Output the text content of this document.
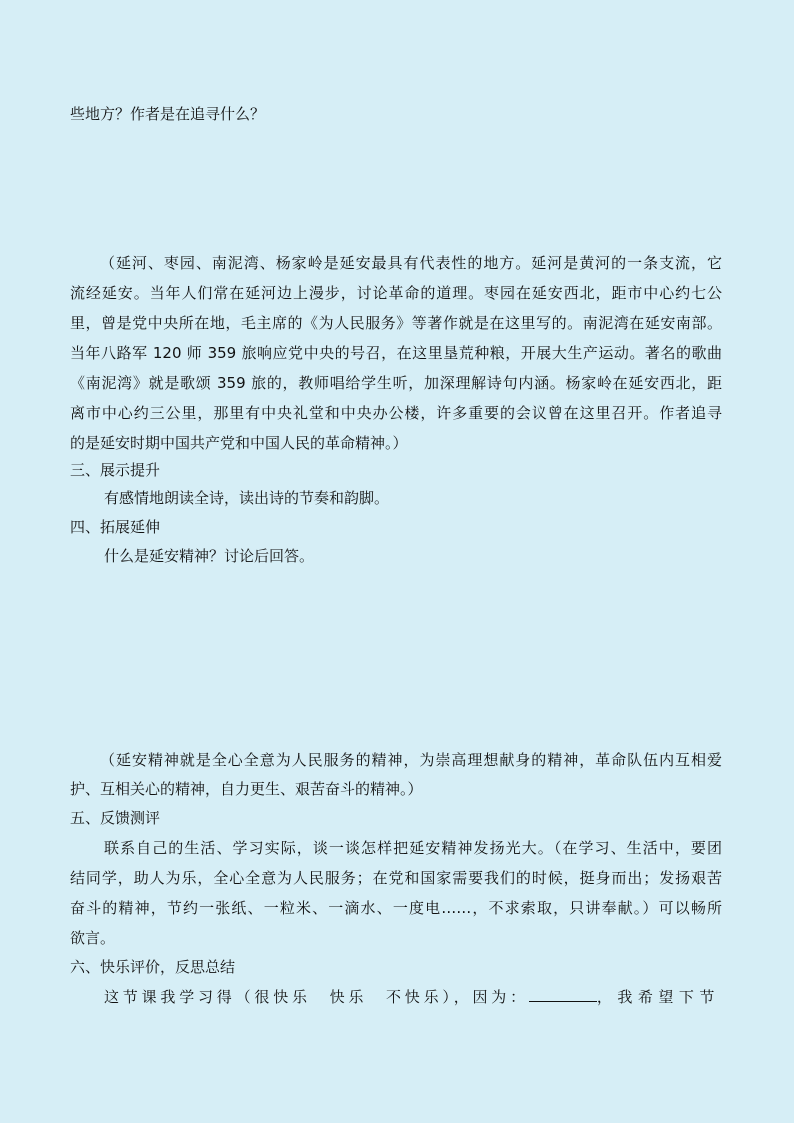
些地方？作者是在追寻什么？
（延河、枣园、南泥湾、杨家岭是延安最具有代表性的地方。延河是黄河的一条支流，它
流经延安。当年人们常在延河边上漫步，讨论革命的道理。枣园在延安西北，距市中心约七公
里，曾是党中央所在地，毛主席的《为人民服务》等著作就是在这里写的。南泥湾在延安南部。
当年八路军 120 师 359 旅响应党中央的号召，在这里垦荒种粮，开展大生产运动。著名的歌曲
《南泥湾》就是歌颂 359 旅的，教师唱给学生听，加深理解诗句内涵。杨家岭在延安西北，距
离市中心约三公里，那里有中央礼堂和中央办公楼，许多重要的会议曾在这里召开。作者追寻
的是延安时期中国共产党和中国人民的革命精神。）
三、展示提升
有感情地朗读全诗，读出诗的节奏和韵脚。
四、拓展延伸
什么是延安精神？讨论后回答。
（延安精神就是全心全意为人民服务的精神，为崇高理想献身的精神，革命队伍内互相爱
护、互相关心的精神，自力更生、艰苦奋斗的精神。）
五、反馈测评
联系自己的生活、学习实际，谈一谈怎样把延安精神发扬光大。（在学习、生活中，要团
结同学，助人为乐，全心全意为人民服务；在党和国家需要我们的时候，挺身而出；发扬艰苦
奋斗的精神，节约一张纸、一粒米、一滴水、一度电……，不求索取，只讲奉献。）可以畅所
欲言。
六、快乐评价，反思总结
这节课我学习得（很快乐　快乐　不快乐），因为：	，我希望下节
